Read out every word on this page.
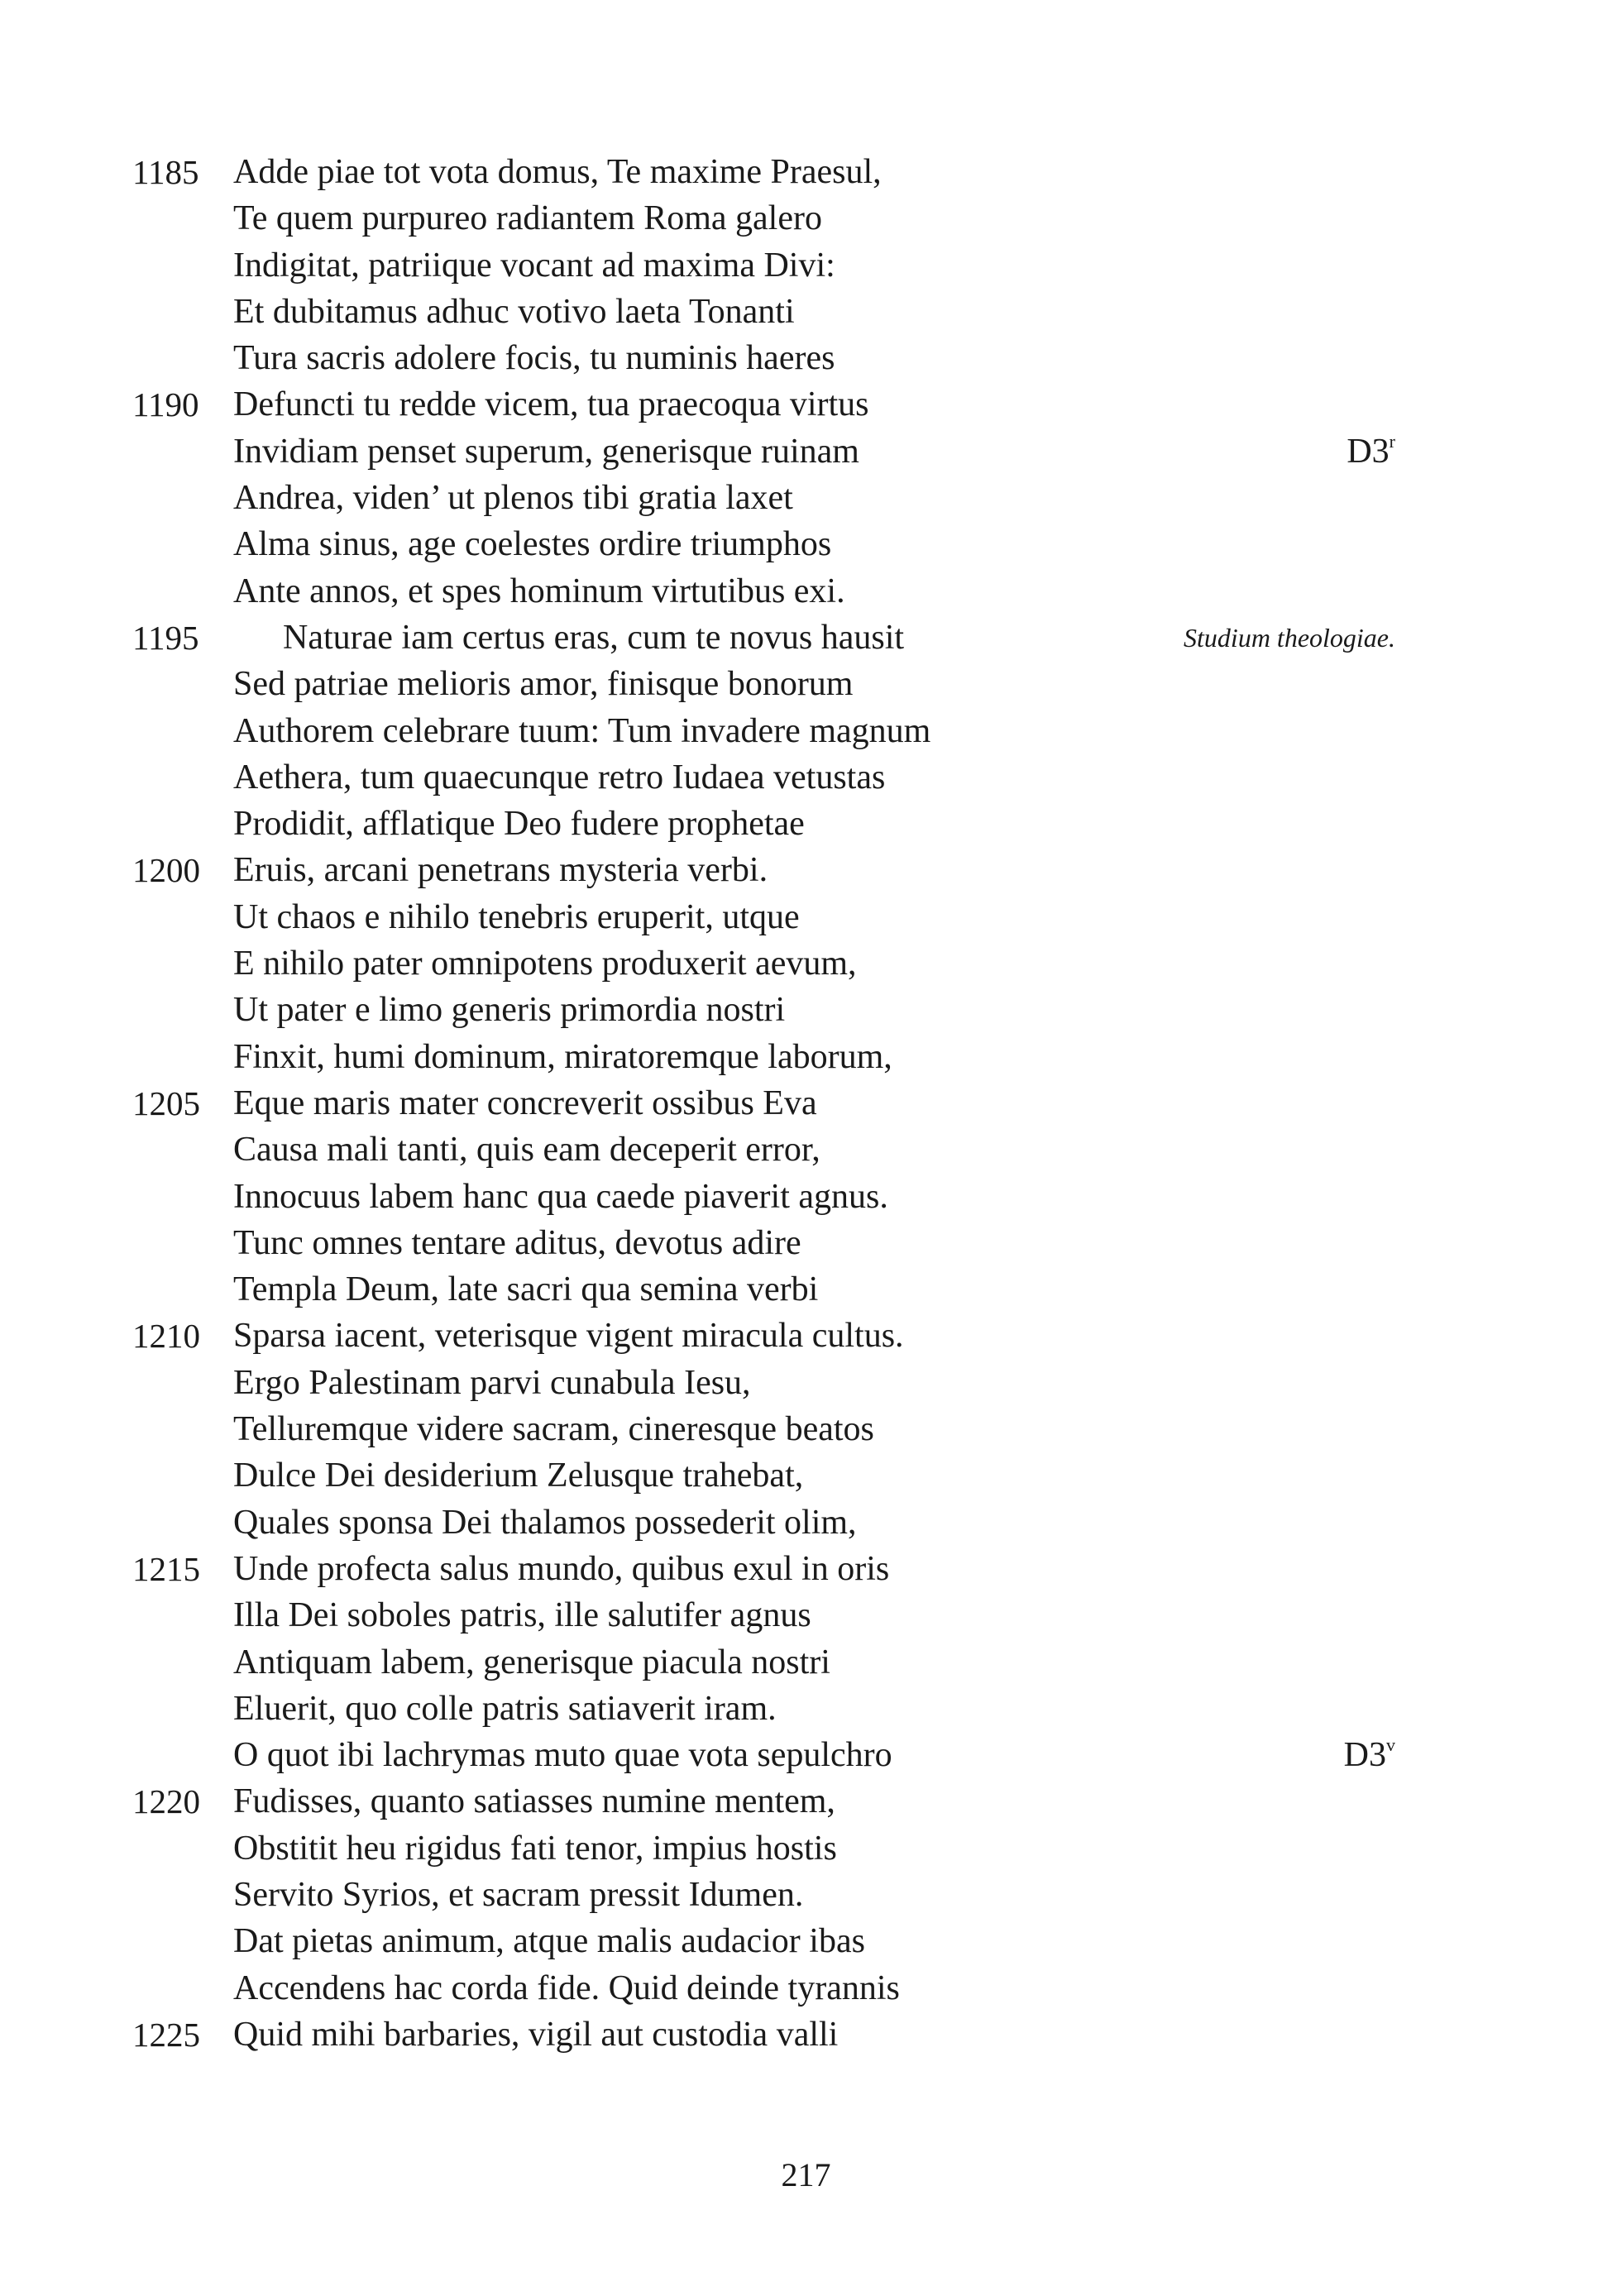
1185 Adde piae tot vota domus, Te maxime Praesul,
Te quem purpureo radiantem Roma galero
Indigitat, patriique vocant ad maxima Divi:
Et dubitamus adhuc votivo laeta Tonanti
Tura sacris adolere focis, tu numinis haeres
1190 Defuncti tu redde vicem, tua praecoqua virtus
Invidiam penset superum, generisque ruinam	D3$^r$
Andrea, viden’ ut plenos tibi gratia laxet
Alma sinus, age coelestes ordire triumphos
Ante annos, et spes hominum virtutibus exi.
1195	Naturae iam certus eras, cum te novus hausit	Studium theologiae.
Sed patriae melioris amor, finisque bonorum
Authorem celebrare tuum: Tum invadere magnum
Aethera, tum quaecunque retro Iudaea vetustas
Prodidit, afflatique Deo fudere prophetae
1200 Eruis, arcani penetrans mysteria verbi.
Ut chaos e nihilo tenebris eruperit, utque
E nihilo pater omnipotens produxerit aevum,
Ut pater e limo generis primordia nostri
Finxit, humi dominum, miratoremque laborum,
1205 Eque maris mater concreverit ossibus Eva
Causa mali tanti, quis eam deceperit error,
Innocuus labem hanc qua caede piaverit agnus.
Tunc omnes tentare aditus, devotus adire
Templa Deum, late sacri qua semina verbi
1210 Sparsa iacent, veterisque vigent miracula cultus.
Ergo Palestinam parvi cunabula Iesu,
Telluremque videre sacram, cineresque beatos
Dulce Dei desiderium Zelusque trahebat,
Quales sponsa Dei thalamos possederit olim,
1215 Unde profecta salus mundo, quibus exul in oris
Illa Dei soboles patris, ille salutifer agnus
Antiquam labem, generisque piacula nostri
Eluerit, quo colle patris satiaverit iram.
O quot ibi lachrymas muto quae vota sepulchro	D3$^v$
1220 Fudisses, quanto satiasses numine mentem,
Obstitit heu rigidus fati tenor, impius hostis
Servito Syrios, et sacram pressit Idumen.
Dat pietas animum, atque malis audacior ibas
Accendens hac corda fide. Quid deinde tyrannis
1225 Quid mihi barbaries, vigil aut custodia valli
217
